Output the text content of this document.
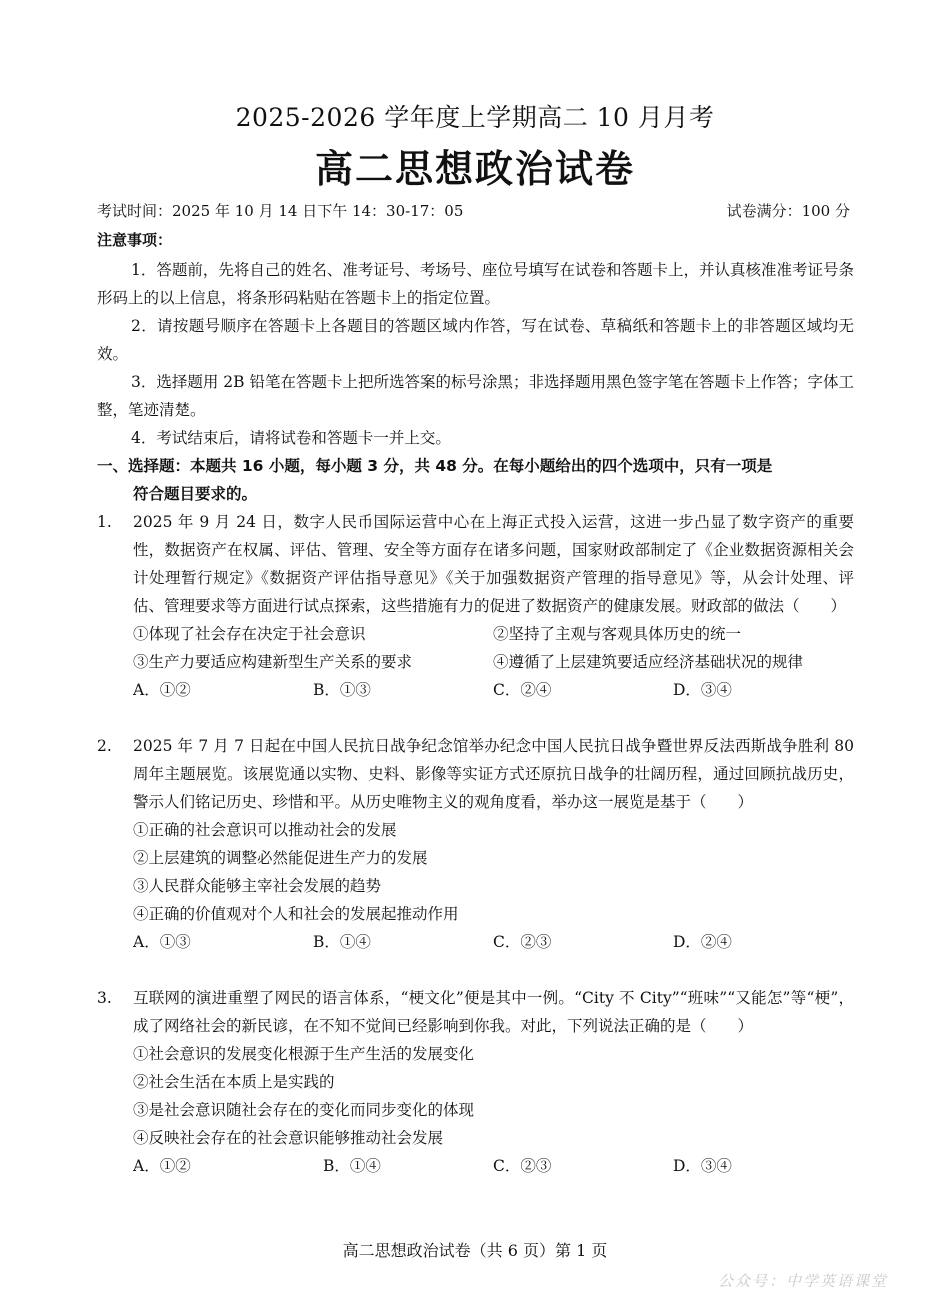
2025-2026 学年度上学期高二 10 月月考
高二思想政治试卷
考试时间：2025 年 10 月 14 日下午 14：30-17：05	试卷满分：100 分
注意事项：
1．答题前，先将自己的姓名、准考证号、考场号、座位号填写在试卷和答题卡上，并认真核准准考证号条形码上的以上信息，将条形码粘贴在答题卡上的指定位置。
2．请按题号顺序在答题卡上各题目的答题区域内作答，写在试卷、草稿纸和答题卡上的非答题区域均无效。
3．选择题用 2B 铅笔在答题卡上把所选答案的标号涂黑；非选择题用黑色签字笔在答题卡上作答；字体工整，笔迹清楚。
4．考试结束后，请将试卷和答题卡一并上交。
一、选择题：本题共 16 小题，每小题 3 分，共 48 分。在每小题给出的四个选项中，只有一项是
符合题目要求的。
1. 2025 年 9 月 24 日，数字人民币国际运营中心在上海正式投入运营，这进一步凸显了数字资产的重要性，数据资产在权属、评估、管理、安全等方面存在诸多问题，国家财政部制定了《企业数据资源相关会计处理暂行规定》《数据资产评估指导意见》《关于加强数据资产管理的指导意见》等，从会计处理、评估、管理要求等方面进行试点探索，这些措施有力的促进了数据资产的健康发展。财政部的做法（　　）
①体现了社会存在决定于社会意识	②坚持了主观与客观具体历史的统一
③生产力要适应构建新型生产关系的要求	④遵循了上层建筑要适应经济基础状况的规律
A．①②	B．①③	C．②④	D．③④
2. 2025 年 7 月 7 日起在中国人民抗日战争纪念馆举办纪念中国人民抗日战争暨世界反法西斯战争胜利 80 周年主题展览。该展览通以实物、史料、影像等实证方式还原抗日战争的壮阔历程，通过回顾抗战历史，警示人们铭记历史、珍惜和平。从历史唯物主义的观角度看，举办这一展览是基于（　　）
①正确的社会意识可以推动社会的发展
②上层建筑的调整必然能促进生产力的发展
③人民群众能够主宰社会发展的趋势
④正确的价值观对个人和社会的发展起推动作用
A．①③	B．①④	C．②③	D．②④
3. 互联网的演进重塑了网民的语言体系，“梗文化”便是其中一例。“City 不 City”“班味”“又能怎”等“梗”，成了网络社会的新民谚，在不知不觉间已经影响到你我。对此，下列说法正确的是（　　）
①社会意识的发展变化根源于生产生活的发展变化
②社会生活在本质上是实践的
③是社会意识随社会存在的变化而同步变化的体现
④反映社会存在的社会意识能够推动社会发展
A．①②	B．①④	C．②③	D．③④
高二思想政治试卷（共 6 页）第 1 页
公众号：中学英语课堂
